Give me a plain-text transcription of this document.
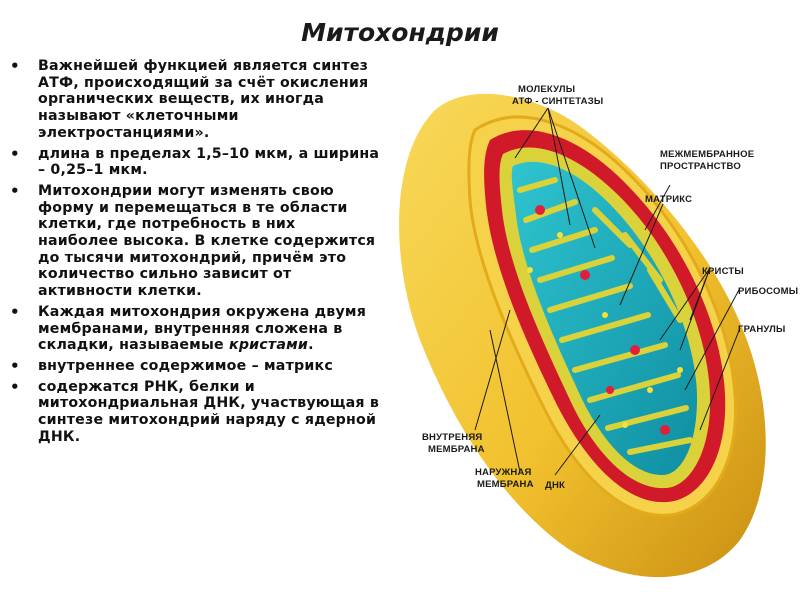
Митохондрии
• Важнейшей функцией является синтез АТФ, происходящий за счёт окисления органических веществ, их иногда называют «клеточными электростанциями».
• длина в пределах 1,5–10 мкм, а ширина – 0,25–1 мкм.
• Митохондрии могут изменять свою форму и перемещаться в те области клетки, где потребность в них наиболее высока. В клетке содержится до тысячи митохондрий, причём это количество сильно зависит от активности клетки.
• Каждая митохондрия окружена двумя мембранами, внутренняя сложена в складки, называемые кристами.
• внутреннее содержимое – матрикс
• содержатся РНК, белки и митохондриальная ДНК, участвующая в синтезе митохондрий наряду с ядерной ДНК.
МОЛЕКУЛЫ
АТФ - СИНТЕТАЗЫ
МЕЖМЕМБРАННОЕ
ПРОСТРАНСТВО
МАТРИКС
КРИСТЫ
РИБОСОМЫ
ГРАНУЛЫ
ВНУТРЕНЯЯ
МЕМБРАНА
НАРУЖНАЯ
МЕМБРАНА ДНК
